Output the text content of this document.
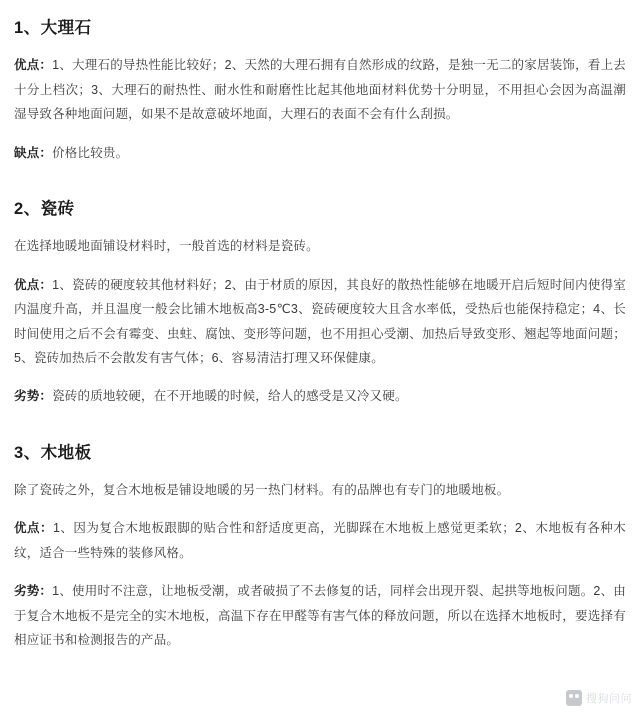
1、大理石

优点：1、大理石的导热性能比较好；2、天然的大理石拥有自然形成的纹路，是独一无二的家居装饰，看上去十分上档次；3、大理石的耐热性、耐水性和耐磨性比起其他地面材料优势十分明显，不用担心会因为高温潮湿导致各种地面问题，如果不是故意破坏地面，大理石的表面不会有什么刮损。

缺点：价格比较贵。

2、瓷砖

在选择地暖地面铺设材料时，一般首选的材料是瓷砖。

优点：1、瓷砖的硬度较其他材料好；2、由于材质的原因，其良好的散热性能够在地暖开启后短时间内使得室内温度升高，并且温度一般会比铺木地板高3-5℃3、瓷砖硬度较大且含水率低，受热后也能保持稳定；4、长时间使用之后不会有霉变、虫蛀、腐蚀、变形等问题，也不用担心受潮、加热后导致变形、翘起等地面问题；5、瓷砖加热后不会散发有害气体；6、容易清洁打理又环保健康。

劣势：瓷砖的质地较硬，在不开地暖的时候，给人的感受是又冷又硬。

3、木地板

除了瓷砖之外，复合木地板是铺设地暖的另一热门材料。有的品牌也有专门的地暖地板。

优点：1、因为复合木地板跟脚的贴合性和舒适度更高，光脚踩在木地板上感觉更柔软；2、木地板有各种木纹，适合一些特殊的装修风格。

劣势：1、使用时不注意，让地板受潮，或者破损了不去修复的话，同样会出现开裂、起拱等地板问题。2、由于复合木地板不是完全的实木地板，高温下存在甲醛等有害气体的释放问题，所以在选择木地板时，要选择有相应证书和检测报告的产品。

搜狗问问
